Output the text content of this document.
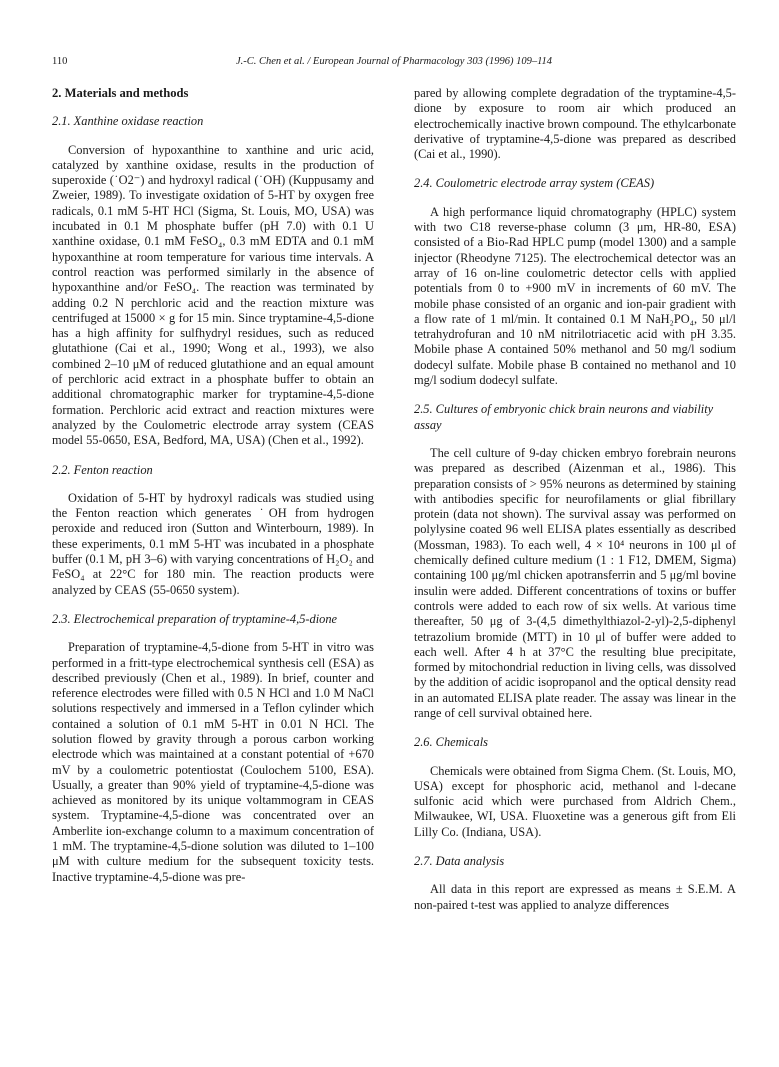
110	J.-C. Chen et al. / European Journal of Pharmacology 303 (1996) 109–114
2. Materials and methods
2.1. Xanthine oxidase reaction

Conversion of hypoxanthine to xanthine and uric acid, catalyzed by xanthine oxidase, results in the production of superoxide (˙O2⁻) and hydroxyl radical (˙OH) (Kuppusamy and Zweier, 1989). To investigate oxidation of 5-HT by oxygen free radicals, 0.1 mM 5-HT HCl (Sigma, St. Louis, MO, USA) was incubated in 0.1 M phosphate buffer (pH 7.0) with 0.1 U xanthine oxidase, 0.1 mM FeSO₄, 0.3 mM EDTA and 0.1 mM hypoxanthine at room temperature for various time intervals. A control reaction was performed similarly in the absence of hypoxanthine and/or FeSO₄. The reaction was terminated by adding 0.2 N perchloric acid and the reaction mixture was centrifuged at 15000 × g for 15 min. Since tryptamine-4,5-dione has a high affinity for sulfhydryl residues, such as reduced glutathione (Cai et al., 1990; Wong et al., 1993), we also combined 2–10 μM of reduced glutathione and an equal amount of perchloric acid extract in a phosphate buffer to obtain an additional chromatographic marker for tryptamine-4,5-dione formation. Perchloric acid extract and reaction mixtures were analyzed by the Coulometric electrode array system (CEAS model 55-0650, ESA, Bedford, MA, USA) (Chen et al., 1992).

2.2. Fenton reaction

Oxidation of 5-HT by hydroxyl radicals was studied using the Fenton reaction which generates ˙OH from hydrogen peroxide and reduced iron (Sutton and Winterbourn, 1989). In these experiments, 0.1 mM 5-HT was incubated in a phosphate buffer (0.1 M, pH 3–6) with varying concentrations of H₂O₂ and FeSO₄ at 22°C for 180 min. The reaction products were analyzed by CEAS (55-0650 system).

2.3. Electrochemical preparation of tryptamine-4,5-dione

Preparation of tryptamine-4,5-dione from 5-HT in vitro was performed in a fritt-type electrochemical synthesis cell (ESA) as described previously (Chen et al., 1989). In brief, counter and reference electrodes were filled with 0.5 N HCl and 1.0 M NaCl solutions respectively and immersed in a Teflon cylinder which contained a solution of 0.1 mM 5-HT in 0.01 N HCl. The solution flowed by gravity through a porous carbon working electrode which was maintained at a constant potential of +670 mV by a coulometric potentiostat (Coulochem 5100, ESA). Usually, a greater than 90% yield of tryptamine-4,5-dione was achieved as monitored by its unique voltammogram in CEAS system. Tryptamine-4,5-dione was concentrated over an Amberlite ion-exchange column to a maximum concentration of 1 mM. The tryptamine-4,5-dione solution was diluted to 1–100 μM with culture medium for the subsequent toxicity tests. Inactive tryptamine-4,5-dione was pre-

pared by allowing complete degradation of the tryptamine-4,5-dione by exposure to room air which produced an electrochemically inactive brown compound. The ethylcarbonate derivative of tryptamine-4,5-dione was prepared as described (Cai et al., 1990).

2.4. Coulometric electrode array system (CEAS)

A high performance liquid chromatography (HPLC) system with two C18 reverse-phase column (3 μm, HR-80, ESA) consisted of a Bio-Rad HPLC pump (model 1300) and a sample injector (Rheodyne 7125). The electrochemical detector was an array of 16 on-line coulometric detector cells with applied potentials from 0 to +900 mV in increments of 60 mV. The mobile phase consisted of an organic and ion-pair gradient with a flow rate of 1 ml/min. It contained 0.1 M NaH₂PO₄, 50 μl/l tetrahydrofuran and 10 nM nitrilotriacetic acid with pH 3.35. Mobile phase A contained 50% methanol and 50 mg/l sodium dodecyl sulfate. Mobile phase B contained no methanol and 10 mg/l sodium dodecyl sulfate.

2.5. Cultures of embryonic chick brain neurons and viability assay

The cell culture of 9-day chicken embryo forebrain neurons was prepared as described (Aizenman et al., 1986). This preparation consists of > 95% neurons as determined by staining with antibodies specific for neurofilaments or glial fibrillary protein (data not shown). The survival assay was performed on polylysine coated 96 well ELISA plates essentially as described (Mossman, 1983). To each well, 4 × 10⁴ neurons in 100 μl of chemically defined culture medium (1 : 1 F12, DMEM, Sigma) containing 100 μg/ml chicken apotransferrin and 5 μg/ml bovine insulin were added. Different concentrations of toxins or buffer controls were added to each row of six wells. At various time thereafter, 50 μg of 3-(4,5 dimethylthiazol-2-yl)-2,5-diphenyl tetrazolium bromide (MTT) in 10 μl of buffer were added to each well. After 4 h at 37°C the resulting blue precipitate, formed by mitochondrial reduction in living cells, was dissolved by the addition of acidic isopropanol and the optical density read in an automated ELISA plate reader. The assay was linear in the range of cell survival obtained here.

2.6. Chemicals

Chemicals were obtained from Sigma Chem. (St. Louis, MO, USA) except for phosphoric acid, methanol and l-decane sulfonic acid which were purchased from Aldrich Chem., Milwaukee, WI, USA. Fluoxetine was a generous gift from Eli Lilly Co. (Indiana, USA).

2.7. Data analysis

All data in this report are expressed as means ± S.E.M. A non-paired t-test was applied to analyze differences
